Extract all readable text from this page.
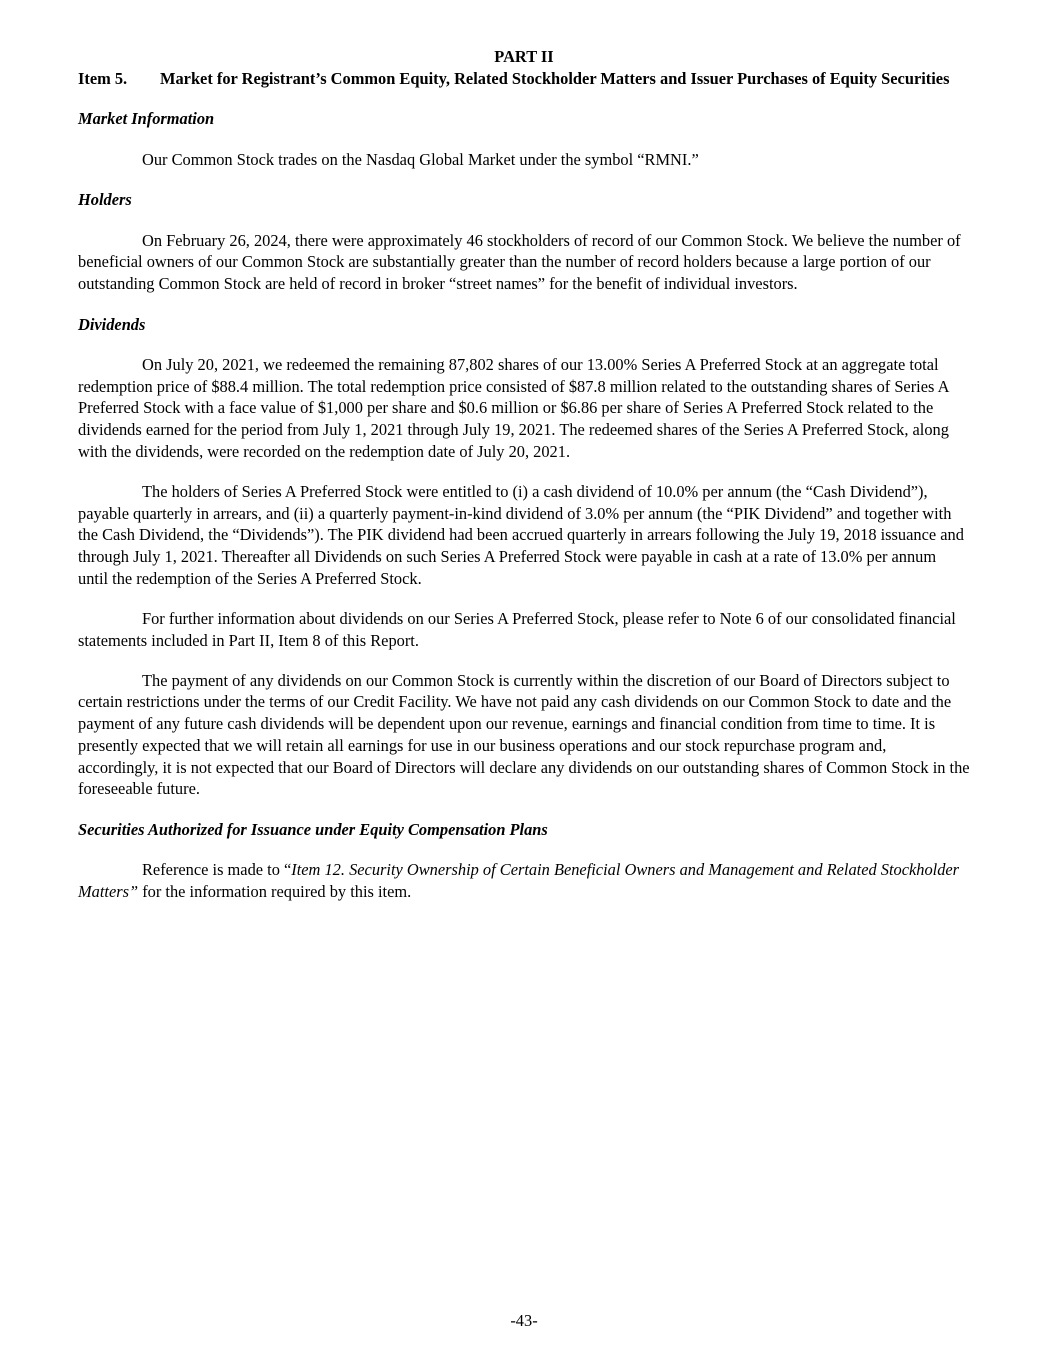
PART II
Item 5. Market for Registrant’s Common Equity, Related Stockholder Matters and Issuer Purchases of Equity Securities
Market Information

Our Common Stock trades on the Nasdaq Global Market under the symbol “RMNI.”

Holders

On February 26, 2024, there were approximately 46 stockholders of record of our Common Stock. We believe the number of beneficial owners of our Common Stock are substantially greater than the number of record holders because a large portion of our outstanding Common Stock are held of record in broker “street names” for the benefit of individual investors.

Dividends

On July 20, 2021, we redeemed the remaining 87,802 shares of our 13.00% Series A Preferred Stock at an aggregate total redemption price of $88.4 million. The total redemption price consisted of $87.8 million related to the outstanding shares of Series A Preferred Stock with a face value of $1,000 per share and $0.6 million or $6.86 per share of Series A Preferred Stock related to the dividends earned for the period from July 1, 2021 through July 19, 2021. The redeemed shares of the Series A Preferred Stock, along with the dividends, were recorded on the redemption date of July 20, 2021.

The holders of Series A Preferred Stock were entitled to (i) a cash dividend of 10.0% per annum (the “Cash Dividend”), payable quarterly in arrears, and (ii) a quarterly payment-in-kind dividend of 3.0% per annum (the “PIK Dividend” and together with the Cash Dividend, the “Dividends”). The PIK dividend had been accrued quarterly in arrears following the July 19, 2018 issuance and through July 1, 2021. Thereafter all Dividends on such Series A Preferred Stock were payable in cash at a rate of 13.0% per annum until the redemption of the Series A Preferred Stock.

For further information about dividends on our Series A Preferred Stock, please refer to Note 6 of our consolidated financial statements included in Part II, Item 8 of this Report.

The payment of any dividends on our Common Stock is currently within the discretion of our Board of Directors subject to certain restrictions under the terms of our Credit Facility. We have not paid any cash dividends on our Common Stock to date and the payment of any future cash dividends will be dependent upon our revenue, earnings and financial condition from time to time. It is presently expected that we will retain all earnings for use in our business operations and our stock repurchase program and, accordingly, it is not expected that our Board of Directors will declare any dividends on our outstanding shares of Common Stock in the foreseeable future.

Securities Authorized for Issuance under Equity Compensation Plans

Reference is made to “Item 12. Security Ownership of Certain Beneficial Owners and Management and Related Stockholder Matters” for the information required by this item.

-43-
